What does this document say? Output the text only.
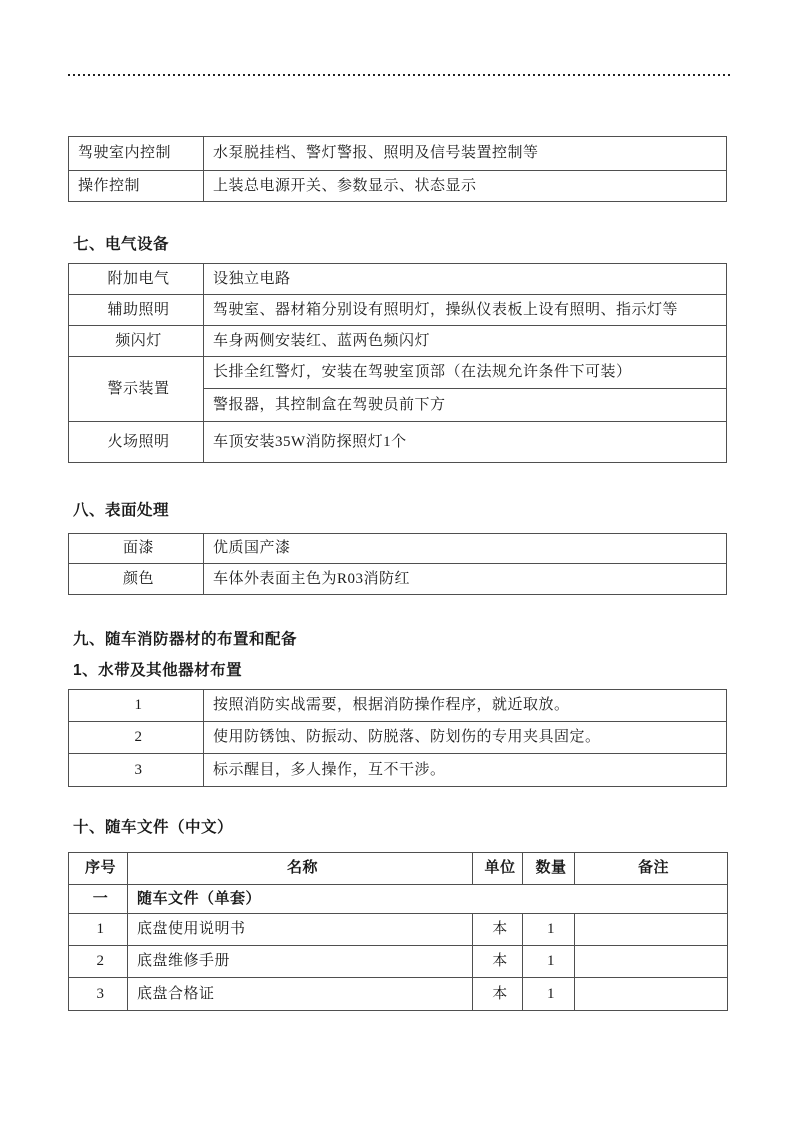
驾驶室内控制	水泵脱挂档、警灯警报、照明及信号装置控制等
操作控制	上装总电源开关、参数显示、状态显示
七、电气设备
附加电气	设独立电路
辅助照明	驾驶室、器材箱分别设有照明灯，操纵仪表板上设有照明、指示灯等
频闪灯	车身两侧安装红、蓝两色频闪灯
警示装置	长排全红警灯，安装在驾驶室顶部（在法规允许条件下可装）
	警报器，其控制盒在驾驶员前下方
火场照明	车顶安装35W消防探照灯1个
八、表面处理
面漆	优质国产漆
颜色	车体外表面主色为R03消防红
九、随车消防器材的布置和配备
1、水带及其他器材布置
1	按照消防实战需要，根据消防操作程序，就近取放。
2	使用防锈蚀、防振动、防脱落、防划伤的专用夹具固定。
3	标示醒目，多人操作，互不干涉。
十、随车文件（中文）
序号	名称	单位	数量	备注
一	随车文件（单套）			
1	底盘使用说明书	本	1	
2	底盘维修手册	本	1	
3	底盘合格证	本	1	
